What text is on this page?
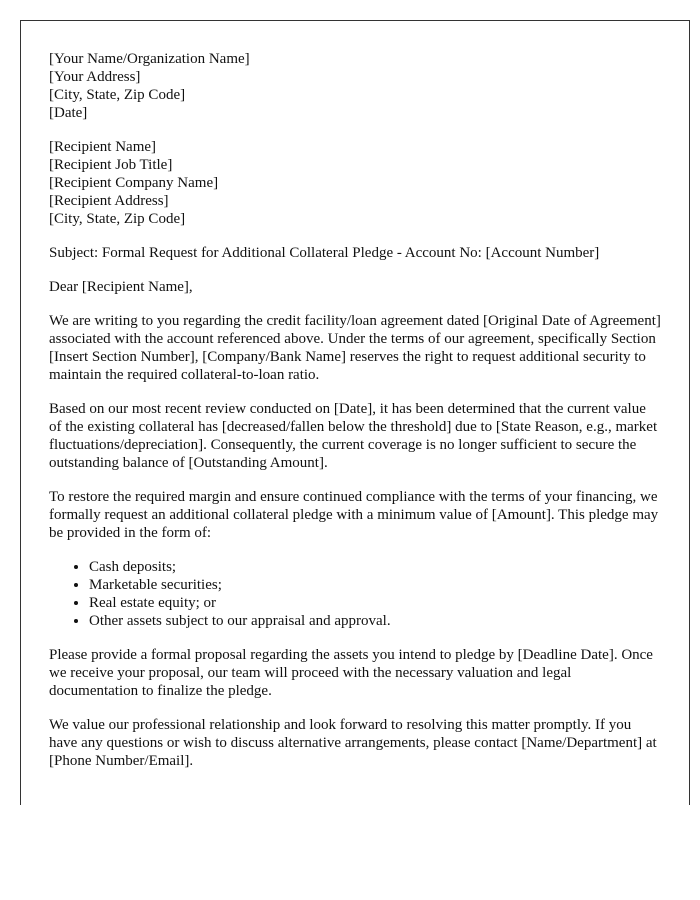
[Your Name/Organization Name]
[Your Address]
[City, State, Zip Code]
[Date]

[Recipient Name]
[Recipient Job Title]
[Recipient Company Name]
[Recipient Address]
[City, State, Zip Code]

Subject: Formal Request for Additional Collateral Pledge - Account No: [Account Number]

Dear [Recipient Name],

We are writing to you regarding the credit facility/loan agreement dated [Original Date of Agreement] associated with the account referenced above. Under the terms of our agreement, specifically Section [Insert Section Number], [Company/Bank Name] reserves the right to request additional security to maintain the required collateral-to-loan ratio.

Based on our most recent review conducted on [Date], it has been determined that the current value of the existing collateral has [decreased/fallen below the threshold] due to [State Reason, e.g., market fluctuations/depreciation]. Consequently, the current coverage is no longer sufficient to secure the outstanding balance of [Outstanding Amount].

To restore the required margin and ensure continued compliance with the terms of your financing, we formally request an additional collateral pledge with a minimum value of [Amount]. This pledge may be provided in the form of:

• Cash deposits;
• Marketable securities;
• Real estate equity; or
• Other assets subject to our appraisal and approval.

Please provide a formal proposal regarding the assets you intend to pledge by [Deadline Date]. Once we receive your proposal, our team will proceed with the necessary valuation and legal documentation to finalize the pledge.

We value our professional relationship and look forward to resolving this matter promptly. If you have any questions or wish to discuss alternative arrangements, please contact [Name/Department] at [Phone Number/Email].
